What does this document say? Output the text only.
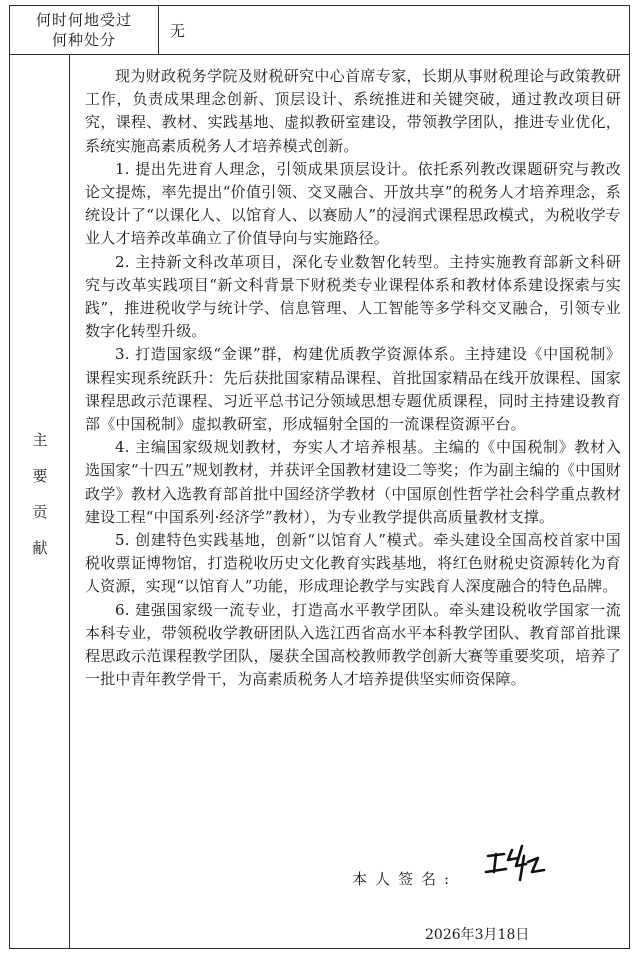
何时何地受过
何种处分
无
主
要
贡
献

现为财政税务学院及财税研究中心首席专家，长期从事财税理论与政策教研工作，负责成果理念创新、顶层设计、系统推进和关键突破，通过教改项目研究，课程、教材、实践基地、虚拟教研室建设，带领教学团队，推进专业优化，系统实施高素质税务人才培养模式创新。

1. 提出先进育人理念，引领成果顶层设计。依托系列教改课题研究与教改论文提炼，率先提出“价值引领、交叉融合、开放共享”的税务人才培养理念，系统设计了“以课化人、以馆育人、以赛励人”的浸润式课程思政模式，为税收学专业人才培养改革确立了价值导向与实施路径。

2. 主持新文科改革项目，深化专业数智化转型。主持实施教育部新文科研究与改革实践项目“新文科背景下财税类专业课程体系和教材体系建设探索与实践”，推进税收学与统计学、信息管理、人工智能等多学科交叉融合，引领专业数字化转型升级。

3. 打造国家级“金课”群，构建优质教学资源体系。主持建设《中国税制》课程实现系统跃升：先后获批国家精品课程、首批国家精品在线开放课程、国家课程思政示范课程、习近平总书记分领域思想专题优质课程，同时主持建设教育部《中国税制》虚拟教研室，形成辐射全国的一流课程资源平台。

4. 主编国家级规划教材，夯实人才培养根基。主编的《中国税制》教材入选国家“十四五”规划教材，并获评全国教材建设二等奖；作为副主编的《中国财政学》教材入选教育部首批中国经济学教材（中国原创性哲学社会科学重点教材建设工程“中国系列·经济学”教材），为专业教学提供高质量教材支撑。

5. 创建特色实践基地，创新“以馆育人”模式。牵头建设全国高校首家中国税收票证博物馆，打造税收历史文化教育实践基地，将红色财税史资源转化为育人资源，实现“以馆育人”功能，形成理论教学与实践育人深度融合的特色品牌。

6. 建强国家级一流专业，打造高水平教学团队。牵头建设税收学国家一流本科专业，带领税收学教研团队入选江西省高水平本科教学团队、教育部首批课程思政示范课程教学团队，屡获全国高校教师教学创新大赛等重要奖项，培养了一批中青年教学骨干，为高素质税务人才培养提供坚实师资保障。

本人签名:
2026年3月18日
